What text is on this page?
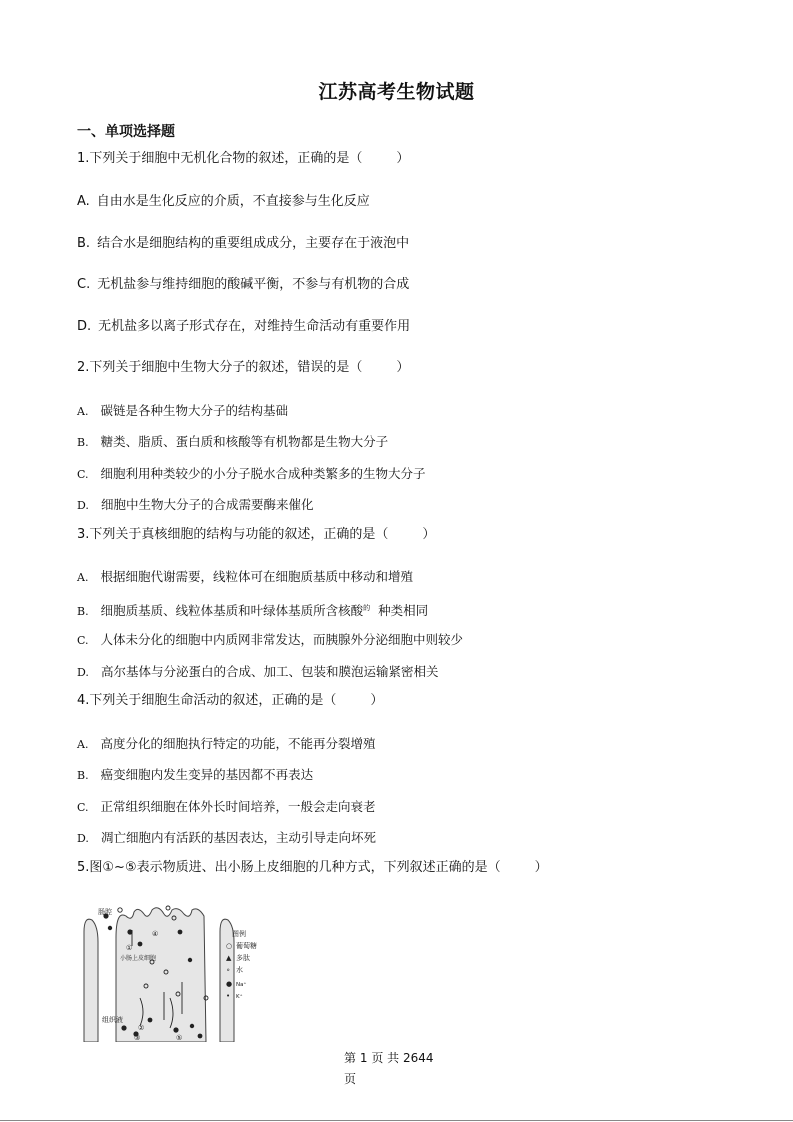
江苏高考生物试题
一、单项选择题
1.下列关于细胞中无机化合物的叙述，正确的是（	）
A. 自由水是生化反应的介质，不直接参与生化反应
B. 结合水是细胞结构的重要组成成分，主要存在于液泡中
C. 无机盐参与维持细胞的酸碱平衡，不参与有机物的合成
D. 无机盐多以离子形式存在，对维持生命活动有重要作用
2.下列关于细胞中生物大分子的叙述，错误的是（	）
A. 碳链是各种生物大分子的结构基础
B. 糖类、脂质、蛋白质和核酸等有机物都是生物大分子
C. 细胞利用种类较少的小分子脱水合成种类繁多的生物大分子
D. 细胞中生物大分子的合成需要酶来催化
3.下列关于真核细胞的结构与功能的叙述，正确的是（	）
A. 根据细胞代谢需要，线粒体可在细胞质基质中移动和增殖
B. 细胞质基质、线粒体基质和叶绿体基质所含核酸$^的$ 种类相同
C. 人体未分化的细胞中内质网非常发达，而胰腺外分泌细胞中则较少
D. 高尔基体与分泌蛋白的合成、加工、包装和膜泡运输紧密相关
4.下列关于细胞生命活动的叙述，正确的是（	）
A. 高度分化的细胞执行特定的功能，不能再分裂增殖
B. 癌变细胞内发生变异的基因都不再表达
C. 正常组织细胞在体外长时间培养，一般会走向衰老
D. 凋亡细胞内有活跃的基因表达，主动引导走向坏死
5.图①~⑤表示物质进、出小肠上皮细胞的几种方式，下列叙述正确的是（	）
肠腔
小肠上皮细胞
组织液
①
②
③
④
⑤
图例
○ 葡萄糖
▲ 多肽
∘ 水
● Na⁺
• K⁺
第 1 页 共 2644
页
